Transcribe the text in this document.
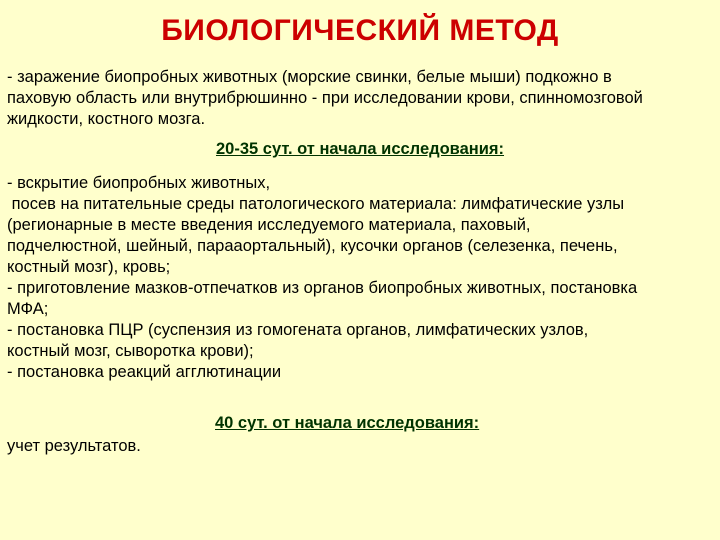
БИОЛОГИЧЕСКИЙ МЕТОД
- заражение биопробных животных (морские свинки, белые мыши) подкожно в
паховую область или внутрибрюшинно - при исследовании крови, спинномозговой
жидкости, костного мозга.
20-35 сут. от начала исследования:
- вскрытие биопробных животных,
посев на питательные среды патологического материала: лимфатические узлы
(регионарные в месте введения исследуемого материала, паховый,
подчелюстной, шейный, парааортальный), кусочки органов (селезенка, печень,
костный мозг), кровь;
- приготовление мазков-отпечатков из органов биопробных животных, постановка
МФА;
- постановка ПЦР (суспензия из гомогената органов, лимфатических узлов,
костный мозг, сыворотка крови);
- постановка реакций агглютинации
40 сут. от начала исследования:
учет результатов.
